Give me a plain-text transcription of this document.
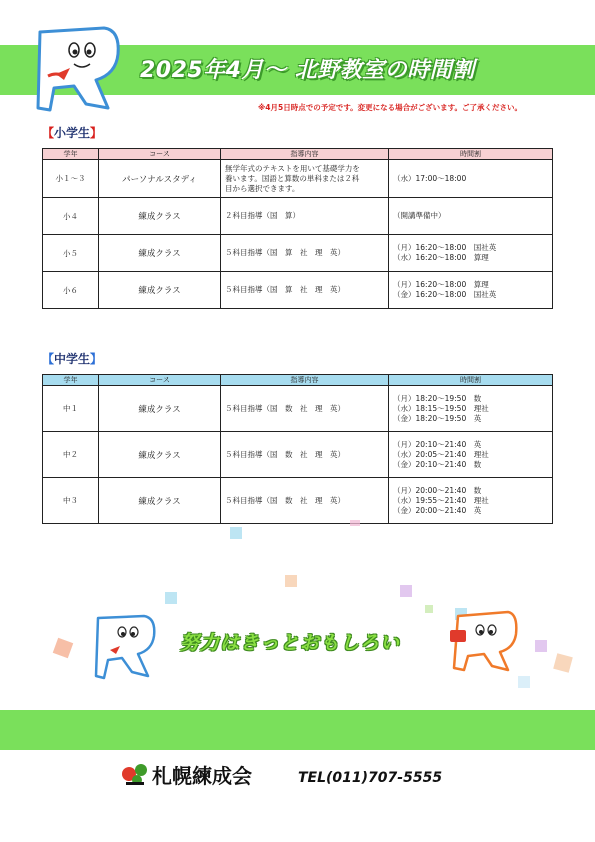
2025年4月～ 北野教室の時間割
※4月5日時点での予定です。変更になる場合がございます。ご了承ください。
【小学生】
学年	コース	指導内容	時間割
小１～３	パーソナルスタディ	無学年式のテキストを用いて基礎学力を
養います。国語と算数の単科または２科
目から選択できます。	（水）17:00～18:00

小４	練成クラス	２科目指導（国　算）	（開講準備中）

小５	練成クラス	５科目指導（国　算　社　理　英）	（月）16:20～18:00　国社英
（水）16:20～18:00　算理

小６	練成クラス	５科目指導（国　算　社　理　英）	（月）16:20～18:00　算理
（金）16:20～18:00　国社英
【中学生】
学年	コース	指導内容	時間割
中１	練成クラス	５科目指導（国　数　社　理　英）	（月）18:20～19:50　数
（水）18:15～19:50　理社
（金）18:20～19:50　英

中２	練成クラス	５科目指導（国　数　社　理　英）	（月）20:10～21:40　英
（水）20:05～21:40　理社
（金）20:10～21:40　数

中３	練成クラス	５科目指導（国　数　社　理　英）	（月）20:00～21:40　数
（水）19:55～21:40　理社
（金）20:00～21:40　英
努力はきっとおもしろい
札幌練成会	TEL(011)707-5555
